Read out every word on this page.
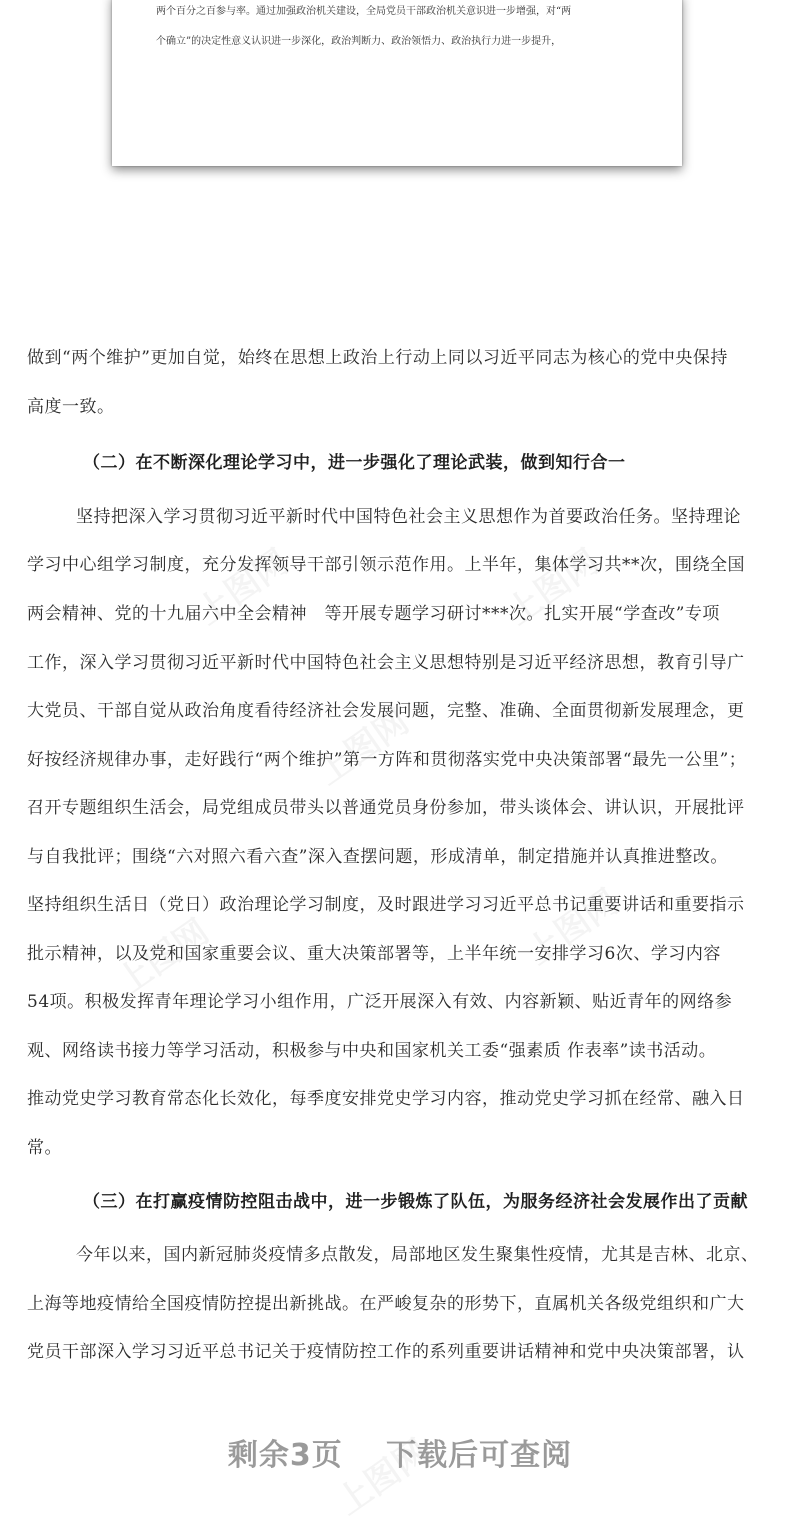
两个百分之百参与率。通过加强政治机关建设，全局党员干部政治机关意识进一步增强，对“两

个确立”的决定性意义认识进一步深化，政治判断力、政治领悟力、政治执行力进一步提升，

做到“两个维护”更加自觉，始终在思想上政治上行动上同以习近平同志为核心的党中央保持
高度一致。
（二）在不断深化理论学习中，进一步强化了理论武装，做到知行合一
坚持把深入学习贯彻习近平新时代中国特色社会主义思想作为首要政治任务。坚持理论
学习中心组学习制度，充分发挥领导干部引领示范作用。上半年，集体学习共**次，围绕全国
两会精神、党的十九届六中全会精神　等开展专题学习研讨***次。扎实开展“学查改”专项
工作，深入学习贯彻习近平新时代中国特色社会主义思想特别是习近平经济思想，教育引导广
大党员、干部自觉从政治角度看待经济社会发展问题，完整、准确、全面贯彻新发展理念，更
好按经济规律办事，走好践行“两个维护”第一方阵和贯彻落实党中央决策部署“最先一公里”；
召开专题组织生活会，局党组成员带头以普通党员身份参加，带头谈体会、讲认识，开展批评
与自我批评；围绕“六对照六看六查”深入查摆问题，形成清单，制定措施并认真推进整改。
坚持组织生活日（党日）政治理论学习制度，及时跟进学习习近平总书记重要讲话和重要指示
批示精神，以及党和国家重要会议、重大决策部署等，上半年统一安排学习6次、学习内容
54项。积极发挥青年理论学习小组作用，广泛开展深入有效、内容新颖、贴近青年的网络参
观、网络读书接力等学习活动，积极参与中央和国家机关工委“强素质 作表率”读书活动。
推动党史学习教育常态化长效化，每季度安排党史学习内容，推动党史学习抓在经常、融入日
常。
（三）在打赢疫情防控阻击战中，进一步锻炼了队伍，为服务经济社会发展作出了贡献
今年以来，国内新冠肺炎疫情多点散发，局部地区发生聚集性疫情，尤其是吉林、北京、
上海等地疫情给全国疫情防控提出新挑战。在严峻复杂的形势下，直属机关各级党组织和广大
党员干部深入学习习近平总书记关于疫情防控工作的系列重要讲话精神和党中央决策部署，认
剩余3页 下载后可查阅
